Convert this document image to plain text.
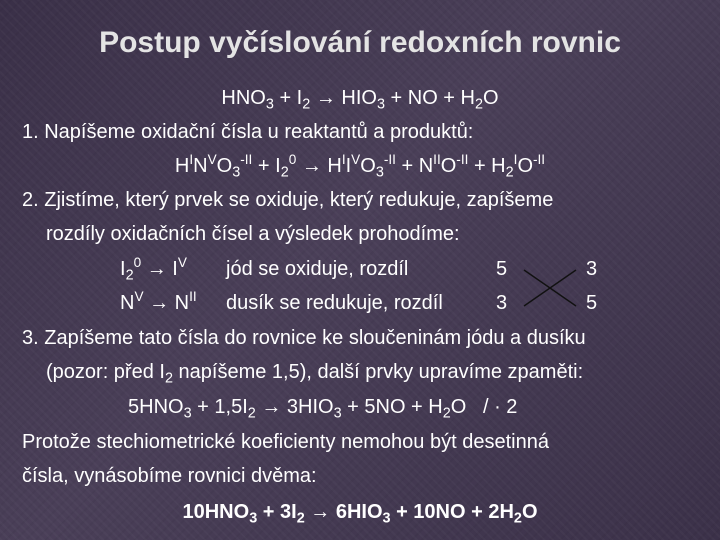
Postup vyčíslování redoxních rovnic
$HNO_3 + I_2 \to HIO_3$ + NO + $H_2O$
1. Napíšeme oxidační čísla u reaktantů a produktů:
$H^IN^VO_3^{-II} + I_2^0 \to H^II^VO_3^{-II} + N^{II}O^{-II} + H_2^IO^{-II}$
2. Zjistíme, který prvek se oxiduje, který redukuje, zapíšeme
rozdíly oxidačních čísel a výsledek prohodíme:
$I_2^0 \to I^V$ jód se oxiduje, rozdíl	5	3
$N^V \to N^{II}$ dusík se redukuje, rozdíl	3	5
3. Zapíšeme tato čísla do rovnice ke sloučeninám jódu a dusíku
(pozor: před $I_2$ napíšeme 1,5), další prvky upravíme zpaměti:
$5HNO_3 + 1,5I_2 \to 3HIO_3 + 5NO + H_2O$   / · 2
Protože stechiometrické koeficienty nemohou být desetinná
čísla, vynásobíme rovnici dvěma:
$10HNO_3 + 3I_2 \to 6HIO_3 + 10NO + 2H_2O$
